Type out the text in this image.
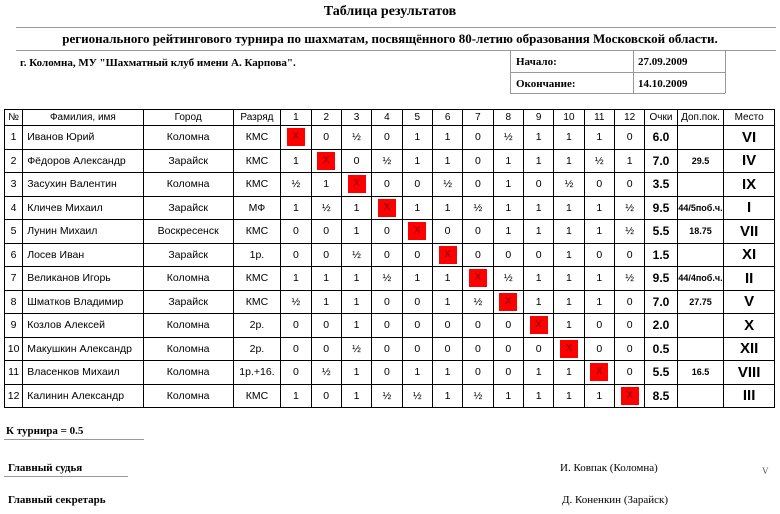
Таблица результатов
регионального рейтингового турнира по шахматам, посвящённого 80-летию образования Московской области.
г. Коломна, МУ "Шахматный клуб имени А. Карпова".	Начало:	27.09.2009
Окончание:	14.10.2009
№	Фамилия, имя	Город	Разряд	1	2	3	4	5	6	7	8	9	10	11	12	Очки	Доп.пок.	Место
1	Иванов Юрий	Коломна	КМС	X	0	½	0	1	1	0	½	1	1	1	0	6.0		VI
2	Фёдоров Александр	Зарайск	КМС	1	X	0	½	1	1	0	1	1	1	½	1	7.0	29.5	IV
3	Засухин Валентин	Коломна	КМС	½	1	X	0	0	½	0	1	0	½	0	0	3.5		IX
4	Кличев Михаил	Зарайск	МФ	1	½	1	X	1	1	½	1	1	1	1	½	9.5	44/5поб.ч.	I
5	Лунин Михаил	Воскресенск	КМС	0	0	1	0	X	0	0	1	1	1	1	½	5.5	18.75	VII
6	Лосев Иван	Зарайск	1р.	0	0	½	0	0	X	0	0	0	1	0	0	1.5		XI
7	Великанов Игорь	Коломна	КМС	1	1	1	½	1	1	X	½	1	1	1	½	9.5	44/4поб.ч.	II
8	Шматков Владимир	Зарайск	КМС	½	1	1	0	0	1	½	X	1	1	1	0	7.0	27.75	V
9	Козлов Алексей	Коломна	2р.	0	0	1	0	0	0	0	0	X	1	0	0	2.0		X
10	Макушкин Александр	Коломна	2р.	0	0	½	0	0	0	0	0	0	X	0	0	0.5		XII
11	Власенков Михаил	Коломна	1р.+16.	0	½	1	0	1	1	0	0	1	1	X	0	5.5	16.5	VIII
12	Калинин Александр	Коломна	КМС	1	0	1	½	½	1	½	1	1	1	1	X	8.5		III
К турнира = 0.5
Главный судья	И. Ковпак (Коломна)	V
Главный секретарь	Д. Коненкин (Зарайск)
